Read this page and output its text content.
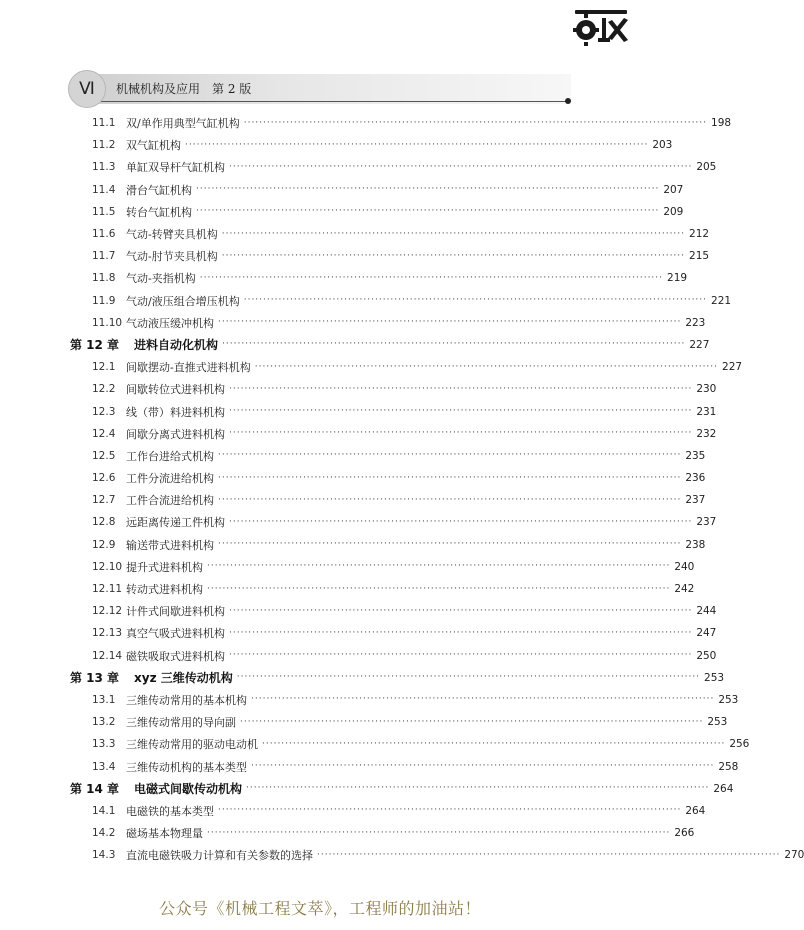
Ⅵ	机械机构及应用　第 2 版
11.1 双/单作用典型气缸机构 ························································································································ 198
11.2 双气缸机构 ························································································································ 203
11.3 单缸双导杆气缸机构 ························································································································ 205
11.4 滑台气缸机构 ························································································································ 207
11.5 转台气缸机构 ························································································································ 209
11.6 气动-转臂夹具机构 ························································································································ 212
11.7 气动-肘节夹具机构 ························································································································ 215
11.8 气动-夹指机构 ························································································································ 219
11.9 气动/液压组合增压机构 ························································································································ 221
11.10 气动液压缓冲机构 ························································································································ 223
第 12 章	进料自动化机构 ························································································································ 227
12.1 间歇摆动-直推式进料机构 ························································································································ 227
12.2 间歇转位式进料机构 ························································································································ 230
12.3 线（带）料进料机构 ························································································································ 231
12.4 间歇分离式进料机构 ························································································································ 232
12.5 工作台进给式机构 ························································································································ 235
12.6 工件分流进给机构 ························································································································ 236
12.7 工件合流进给机构 ························································································································ 237
12.8 远距离传递工件机构 ························································································································ 237
12.9 输送带式进料机构 ························································································································ 238
12.10 提升式进料机构 ························································································································ 240
12.11 转动式进料机构 ························································································································ 242
12.12 计件式间歇进料机构 ························································································································ 244
12.13 真空气吸式进料机构 ························································································································ 247
12.14 磁铁吸取式进料机构 ························································································································ 250
第 13 章	xyz 三维传动机构 ························································································································ 253
13.1 三维传动常用的基本机构 ························································································································ 253
13.2 三维传动常用的导向副 ························································································································ 253
13.3 三维传动常用的驱动电动机 ························································································································ 256
13.4 三维传动机构的基本类型 ························································································································ 258
第 14 章	电磁式间歇传动机构 ························································································································ 264
14.1 电磁铁的基本类型 ························································································································ 264
14.2 磁场基本物理量 ························································································································ 266
14.3 直流电磁铁吸力计算和有关参数的选择 ························································································································ 270
公众号《机械工程文萃》，工程师的加油站！
